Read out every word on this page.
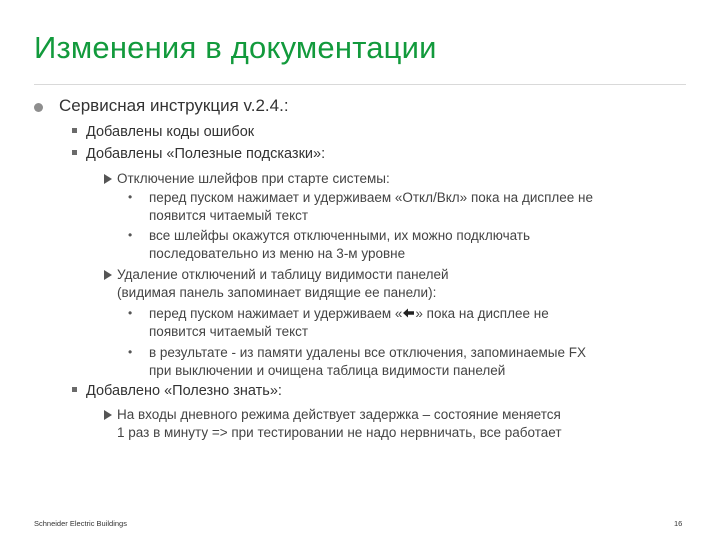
Изменения в документации
Сервисная инструкция v.2.4.:
Добавлены коды ошибок
Добавлены «Полезные подсказки»:
Отключение шлейфов при старте системы:
•	перед пуском нажимает и удерживаем «Откл/Вкл» пока на дисплее не
появится читаемый текст
•	все шлейфы окажутся отключенными, их можно подключать
последовательно из меню на 3-м уровне
Удаление отключений и таблицу видимости панелей
(видимая панель запоминает видящие ее панели):
•	перед пуском нажимает и удерживаем « » пока на дисплее не
появится читаемый текст
•	в результате - из памяти удалены все отключения, запоминаемые FX
при выключении и очищена таблица видимости панелей
Добавлено «Полезно знать»:
На входы дневного режима действует задержка – состояние меняется
1 раз в минуту => при тестировании не надо нервничать, все работает
Schneider Electric Buildings	16
